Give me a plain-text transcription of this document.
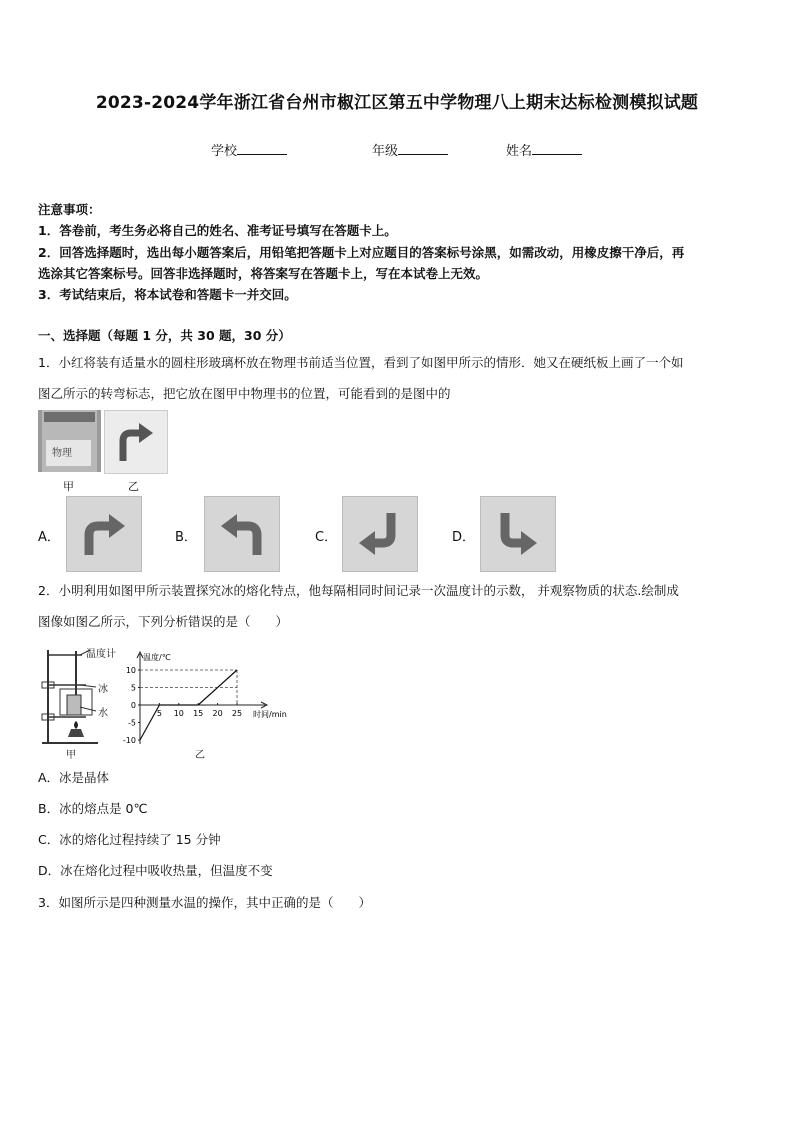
2023-2024学年浙江省台州市椒江区第五中学物理八上期末达标检测模拟试题
学校	年级	姓名
注意事项：
1．答卷前，考生务必将自己的姓名、准考证号填写在答题卡上。
2．回答选择题时，选出每小题答案后，用铅笔把答题卡上对应题目的答案标号涂黑，如需改动，用橡皮擦干净后，再
选涂其它答案标号。回答非选择题时，将答案写在答题卡上，写在本试卷上无效。
3．考试结束后，将本试卷和答题卡一并交回。
一、选择题（每题 1 分，共 30 题，30 分）
1．小红将装有适量水的圆柱形玻璃杯放在物理书前适当位置，看到了如图甲所示的情形．她又在硬纸板上画了一个如
图乙所示的转弯标志，把它放在图甲中物理书的位置，可能看到的是图中的
物理
甲	乙
A．	B．	C．	D．
2．小明利用如图甲所示装置探究冰的熔化特点，他每隔相同时间记录一次温度计的示数， 并观察物质的状态.绘制成
图像如图乙所示，下列分析错误的是（　　）
温度计
冰
水
甲
温度/℃
时间/min
10
5
0
-5
-10
5 10 15 20 25
乙
A．冰是晶体
B．冰的熔点是 0℃
C．冰的熔化过程持续了 15 分钟
D．冰在熔化过程中吸收热量，但温度不变
3．如图所示是四种测量水温的操作，其中正确的是（　　）
